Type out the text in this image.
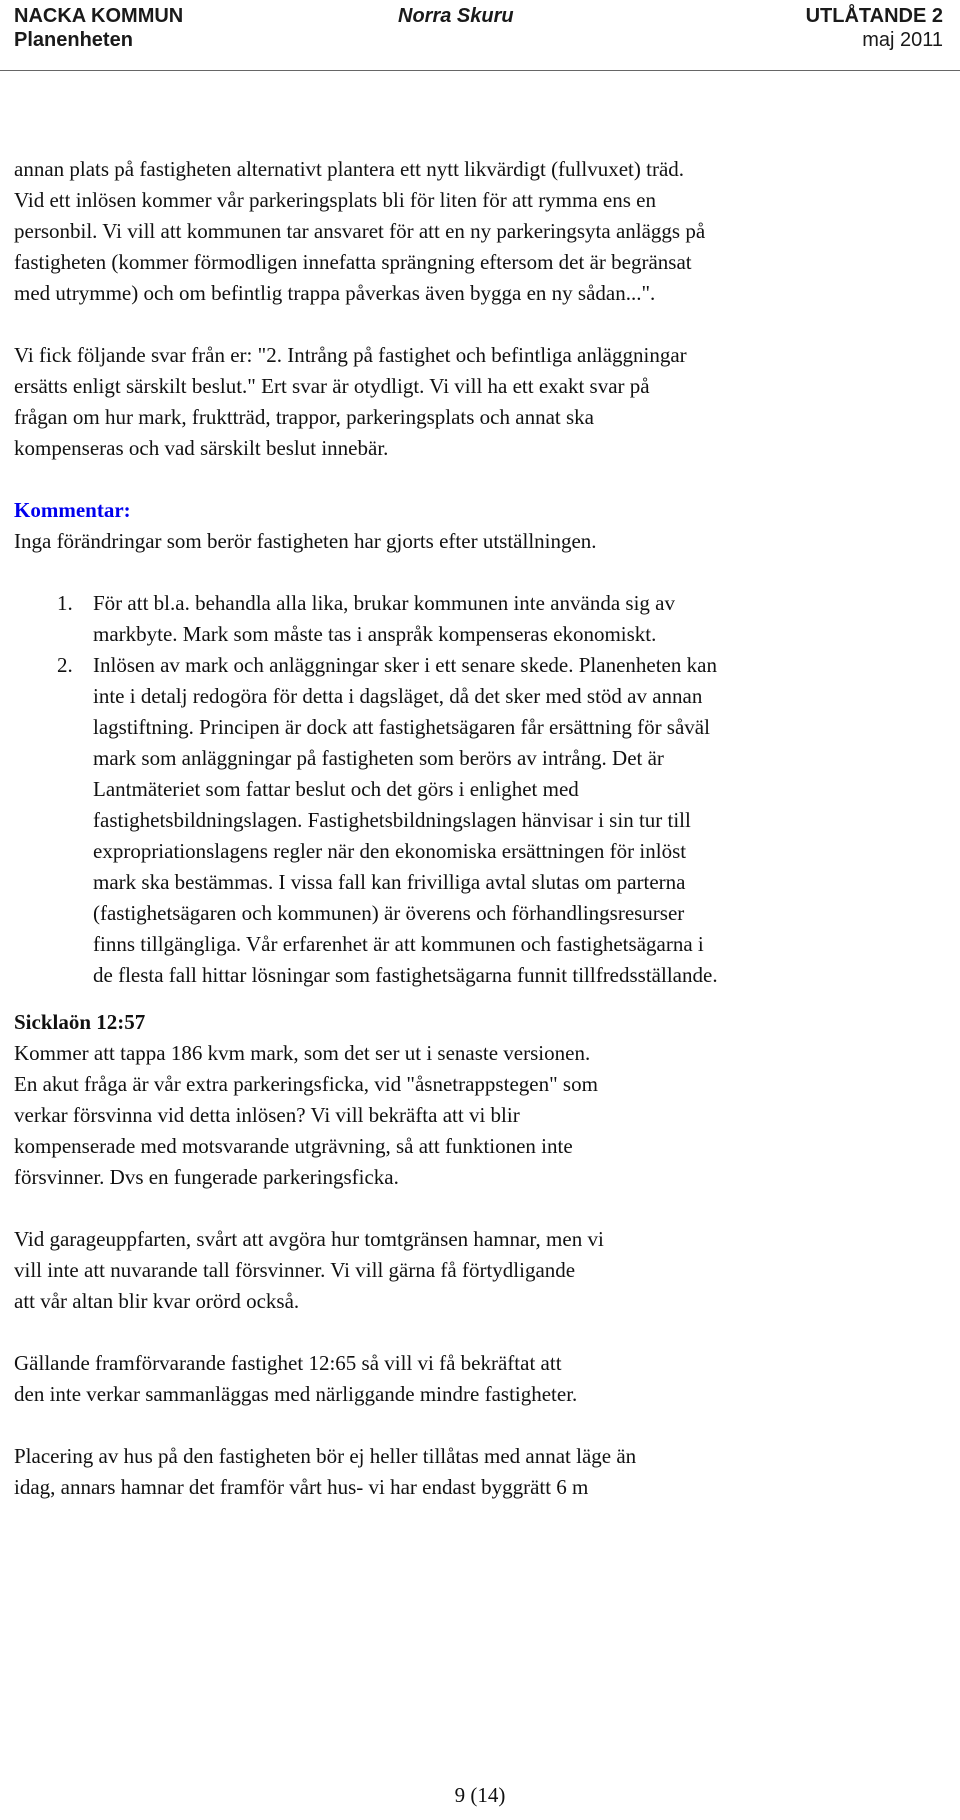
NACKA KOMMUN
Planenheten
Norra Skuru	UTLÅTANDE 2
maj 2011
annan plats på fastigheten alternativt plantera ett nytt likvärdigt (fullvuxet) träd.
Vid ett inlösen kommer vår parkeringsplats bli för liten för att rymma ens en
personbil. Vi vill att kommunen tar ansvaret för att en ny parkeringsyta anläggs på
fastigheten (kommer förmodligen innefatta sprängning eftersom det är begränsat
med utrymme) och om befintlig trappa påverkas även bygga en ny sådan...".
Vi fick följande svar från er: "2. Intrång på fastighet och befintliga anläggningar
ersätts enligt särskilt beslut." Ert svar är otydligt. Vi vill ha ett exakt svar på
frågan om hur mark, fruktträd, trappor, parkeringsplats och annat ska
kompenseras och vad särskilt beslut innebär.
Kommentar:
Inga förändringar som berör fastigheten har gjorts efter utställningen.
1. För att bl.a. behandla alla lika, brukar kommunen inte använda sig av
markbyte. Mark som måste tas i anspråk kompenseras ekonomiskt.
2. Inlösen av mark och anläggningar sker i ett senare skede. Planenheten kan
inte i detalj redogöra för detta i dagsläget, då det sker med stöd av annan
lagstiftning. Principen är dock att fastighetsägaren får ersättning för såväl
mark som anläggningar på fastigheten som berörs av intrång. Det är
Lantmäteriet som fattar beslut och det görs i enlighet med
fastighetsbildningslagen. Fastighetsbildningslagen hänvisar i sin tur till
expropriationslagens regler när den ekonomiska ersättningen för inlöst
mark ska bestämmas. I vissa fall kan frivilliga avtal slutas om parterna
(fastighetsägaren och kommunen) är överens och förhandlingsresurser
finns tillgängliga. Vår erfarenhet är att kommunen och fastighetsägarna i
de flesta fall hittar lösningar som fastighetsägarna funnit tillfredsställande.
Sicklaön 12:57
Kommer att tappa 186 kvm mark, som det ser ut i senaste versionen.
En akut fråga är vår extra parkeringsficka, vid "åsnetrappstegen" som
verkar försvinna vid detta inlösen? Vi vill bekräfta att vi blir
kompenserade med motsvarande utgrävning, så att funktionen inte
försvinner. Dvs en fungerade parkeringsficka.
Vid garageuppfarten, svårt att avgöra hur tomtgränsen hamnar, men vi
vill inte att nuvarande tall försvinner. Vi vill gärna få förtydligande
att vår altan blir kvar orörd också.
Gällande framförvarande fastighet 12:65 så vill vi få bekräftat att
den inte verkar sammanläggas med närliggande mindre fastigheter.
Placering av hus på den fastigheten bör ej heller tillåtas med annat läge än
idag, annars hamnar det framför vårt hus- vi har endast byggrätt 6 m
9 (14)
